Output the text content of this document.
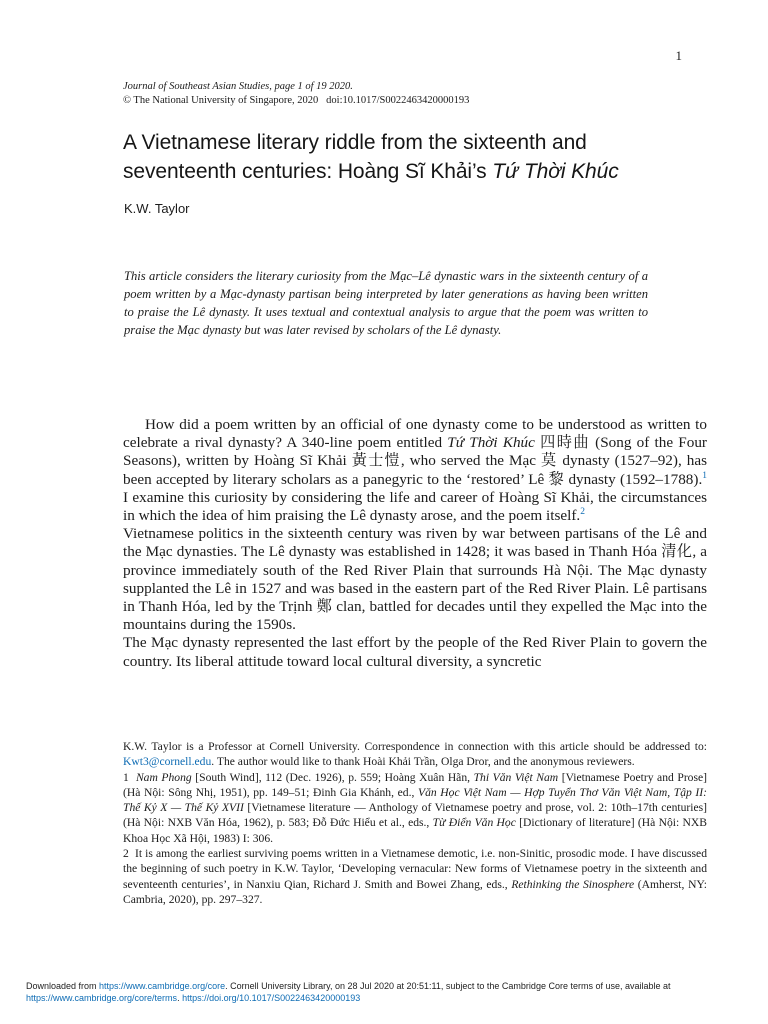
1
Journal of Southeast Asian Studies, page 1 of 19 2020.
© The National University of Singapore, 2020 doi:10.1017/S0022463420000193
A Vietnamese literary riddle from the sixteenth and
seventeenth centuries: Hoàng Sĩ Khải’s Tứ Thời Khúc
K.W. Taylor
This article considers the literary curiosity from the Mạc–Lê dynastic wars in the sixteenth century of a poem written by a Mạc-dynasty partisan being interpreted by later generations as having been written to praise the Lê dynasty. It uses textual and contextual analysis to argue that the poem was written to praise the Mạc dynasty but was later revised by scholars of the Lê dynasty.

How did a poem written by an official of one dynasty come to be understood as written to celebrate a rival dynasty? A 340-line poem entitled Tứ Thời Khúc 四時曲 (Song of the Four Seasons), written by Hoàng Sĩ Khải 黃士愷, who served the Mạc 莫 dynasty (1527–92), has been accepted by literary scholars as a panegyric to the ‘restored’ Lê 黎 dynasty (1592–1788).$^1$ I examine this curiosity by considering the life and career of Hoàng Sĩ Khải, the circumstances in which the idea of him praising the Lê dynasty arose, and the poem itself.$^2$

Vietnamese politics in the sixteenth century was riven by war between partisans of the Lê and the Mạc dynasties. The Lê dynasty was established in 1428; it was based in Thanh Hóa 清化, a province immediately south of the Red River Plain that surrounds Hà Nội. The Mạc dynasty supplanted the Lê in 1527 and was based in the eastern part of the Red River Plain. Lê partisans in Thanh Hóa, led by the Trịnh 鄭 clan, battled for decades until they expelled the Mạc into the mountains during the 1590s.

The Mạc dynasty represented the last effort by the people of the Red River Plain to govern the country. Its liberal attitude toward local cultural diversity, a syncretic

K.W. Taylor is a Professor at Cornell University. Correspondence in connection with this article should be addressed to: Kwt3@cornell.edu. The author would like to thank Hoài Khải Trần, Olga Dror, and the anonymous reviewers.

1 Nam Phong [South Wind], 112 (Dec. 1926), p. 559; Hoàng Xuân Hãn, Thi Văn Việt Nam [Vietnamese Poetry and Prose] (Hà Nội: Sông Nhị, 1951), pp. 149–51; Đinh Gia Khánh, ed., Văn Học Việt Nam — Hợp Tuyển Thơ Văn Việt Nam, Tập II: Thế Kỷ X — Thế Kỷ XVII [Vietnamese literature — Anthology of Vietnamese poetry and prose, vol. 2: 10th–17th centuries] (Hà Nội: NXB Văn Hóa, 1962), p. 583; Đỗ Đức Hiểu et al., eds., Từ Điển Văn Học [Dictionary of literature] (Hà Nội: NXB Khoa Học Xã Hội, 1983) I: 306.

2 It is among the earliest surviving poems written in a Vietnamese demotic, i.e. non-Sinitic, prosodic mode. I have discussed the beginning of such poetry in K.W. Taylor, ‘Developing vernacular: New forms of Vietnamese poetry in the sixteenth and seventeenth centuries’, in Nanxiu Qian, Richard J. Smith and Bowei Zhang, eds., Rethinking the Sinosphere (Amherst, NY: Cambria, 2020), pp. 297–327.

Downloaded from https://www.cambridge.org/core. Cornell University Library, on 28 Jul 2020 at 20:51:11, subject to the Cambridge Core terms of use, available at
https://www.cambridge.org/core/terms. https://doi.org/10.1017/S0022463420000193
